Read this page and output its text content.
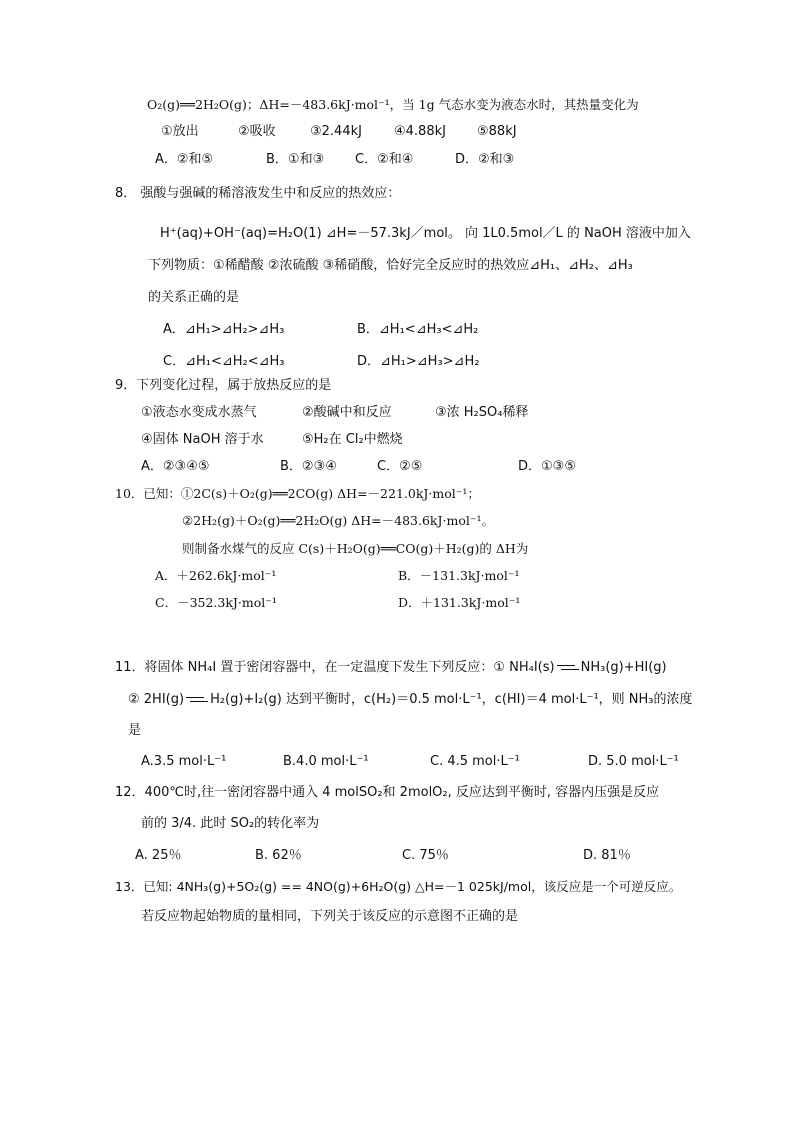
O₂(g)══2H₂O(g)；ΔH=－483.6kJ·mol⁻¹，当 1g 气态水变为液态水时，其热量变化为
①放出	②吸收	③2.44kJ ④4.88kJ ⑤88kJ
A．②和⑤	B．①和③ C．②和④	D．②和③
8． 强酸与强碱的稀溶液发生中和反应的热效应：
H⁺(aq)+OH⁻(aq)=H₂O(1) ⊿H=－57.3kJ／mol。 向 1L0.5mol／L 的 NaOH 溶液中加入
下列物质：①稀醋酸 ②浓硫酸 ③稀硝酸，恰好完全反应时的热效应⊿H₁、⊿H₂、⊿H₃
的关系正确的是
A．⊿H₁>⊿H₂>⊿H₃	B．⊿H₁<⊿H₃<⊿H₂
C．⊿H₁<⊿H₂<⊿H₃	D．⊿H₁>⊿H₃>⊿H₂
9．下列变化过程，属于放热反应的是
①液态水变成水蒸气	②酸碱中和反应	③浓 H₂SO₄稀释
④固体 NaOH 溶于水	⑤H₂在 Cl₂中燃烧
A．②③④⑤	B．②③④	C．②⑤	D．①③⑤
10．已知：①2C(s)＋O₂(g)══2CO(g) ΔH=－221.0kJ·mol⁻¹；
②2H₂(g)＋O₂(g)══2H₂O(g) ΔH=－483.6kJ·mol⁻¹。
则制备水煤气的反应 C(s)＋H₂O(g)══CO(g)＋H₂(g)的 ΔH为
A．＋262.6kJ·mol⁻¹	B．－131.3kJ·mol⁻¹
C．－352.3kJ·mol⁻¹	D．＋131.3kJ·mol⁻¹
11．将固体 NH₄I 置于密闭容器中，在一定温度下发生下列反应：① NH₄I(s) NH₃(g)+HI(g)
② 2HI(g) H₂(g)+I₂(g) 达到平衡时，c(H₂)＝0.5 mol·L⁻¹，c(HI)＝4 mol·L⁻¹，则 NH₃的浓度
是
A.3.5 mol·L⁻¹	B.4.0 mol·L⁻¹	C. 4.5 mol·L⁻¹	D. 5.0 mol·L⁻¹
12．400℃时,往一密闭容器中通入 4 molSO₂和 2molO₂, 反应达到平衡时, 容器内压强是反应
前的 3/4. 此时 SO₂的转化率为
A. 25％	B. 62％	C. 75％	D. 81％
13．已知: 4NH₃(g)+5O₂(g) == 4NO(g)+6H₂O(g) △H=－1 025kJ/mol，该反应是一个可逆反应。
若反应物起始物质的量相同，下列关于该反应的示意图不正确的是
